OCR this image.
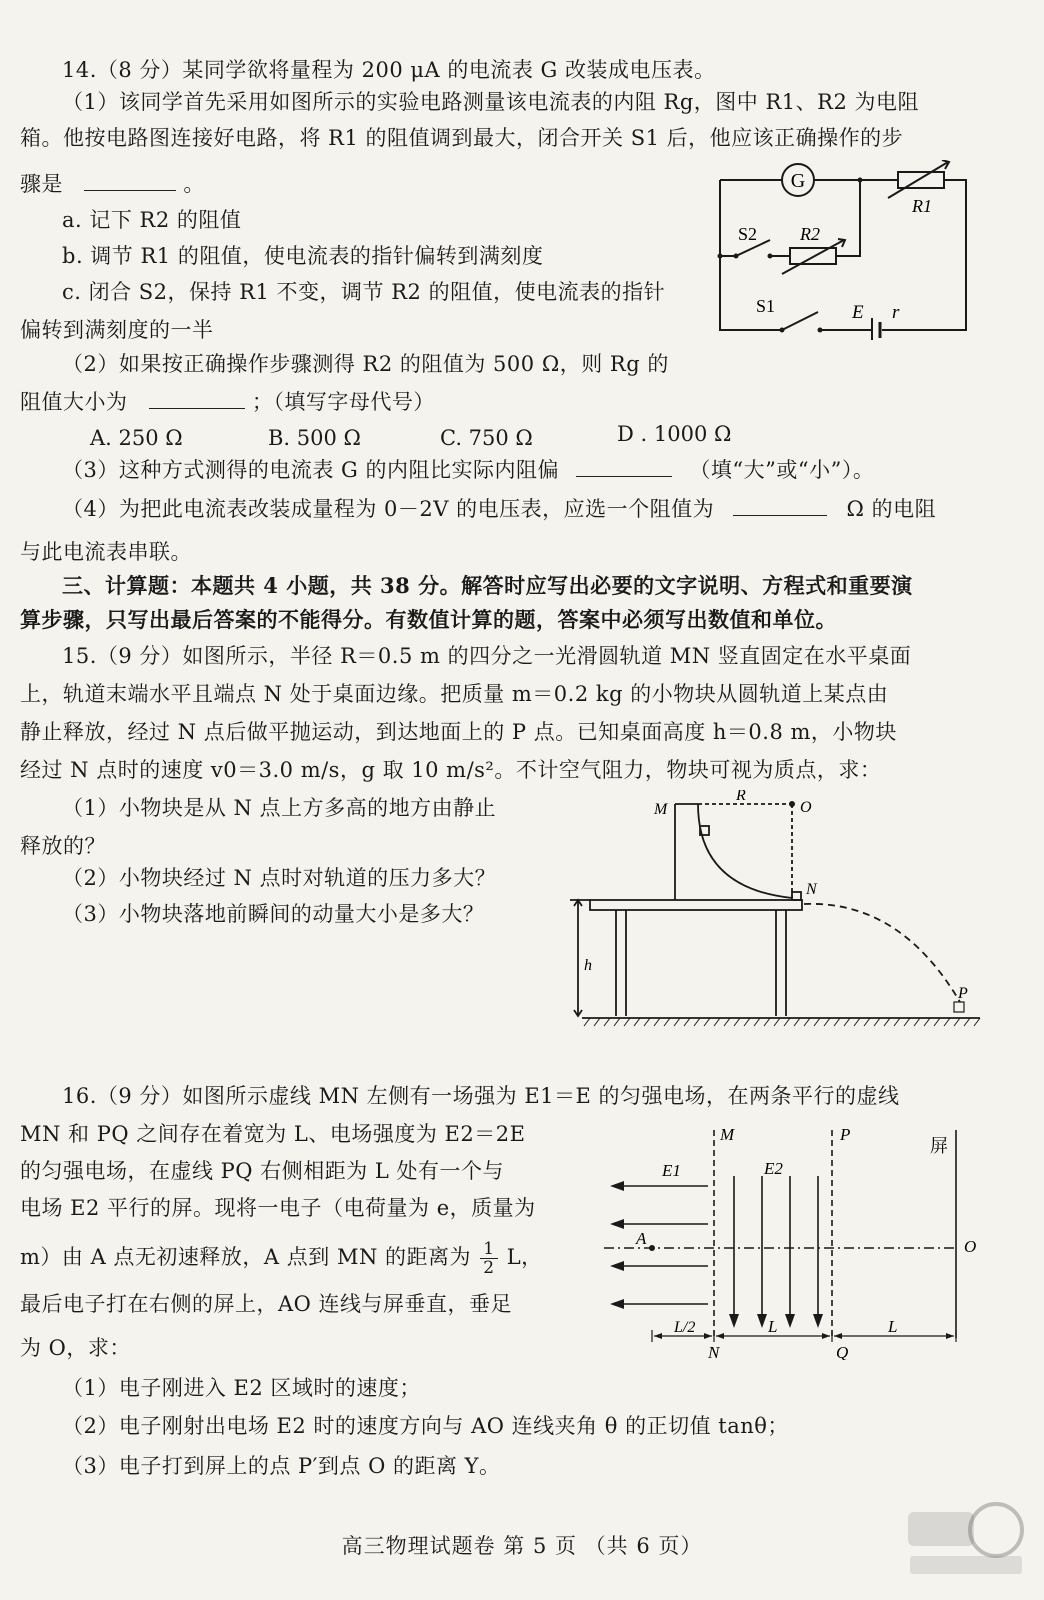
14.（8 分）某同学欲将量程为 200 μA 的电流表 G 改装成电压表。
（1）该同学首先采用如图所示的实验电路测量该电流表的内阻 Rg，图中 R1、R2 为电阻
箱。他按电路图连接好电路，将 R1 的阻值调到最大，闭合开关 S1 后，他应该正确操作的步
骤是	。
a. 记下 R2 的阻值
b. 调节 R1 的阻值，使电流表的指针偏转到满刻度
c. 闭合 S2，保持 R1 不变，调节 R2 的阻值，使电流表的指针
偏转到满刻度的一半
（2）如果按正确操作步骤测得 R2 的阻值为 500 Ω，则 Rg 的
阻值大小为	；（填写字母代号）
A. 250 Ω	B. 500 Ω	C. 750 Ω	D . 1000 Ω
（3）这种方式测得的电流表 G 的内阻比实际内阻偏	（填“大”或“小”）。
（4）为把此电流表改装成量程为 0－2V 的电压表，应选一个阻值为	Ω 的电阻
与此电流表串联。
G
R1
R2
S2
S1	E r
三、计算题：本题共 4 小题，共 38 分。解答时应写出必要的文字说明、方程式和重要演
算步骤，只写出最后答案的不能得分。有数值计算的题，答案中必须写出数值和单位。
15.（9 分）如图所示，半径 R＝0.5 m 的四分之一光滑圆轨道 MN 竖直固定在水平桌面
上，轨道末端水平且端点 N 处于桌面边缘。把质量 m＝0.2 kg 的小物块从圆轨道上某点由
静止释放，经过 N 点后做平抛运动，到达地面上的 P 点。已知桌面高度 h＝0.8 m，小物块
经过 N 点时的速度 v0＝3.0 m/s，g 取 10 m/s²。不计空气阻力，物块可视为质点，求：
（1）小物块是从 N 点上方多高的地方由静止
释放的？
（2）小物块经过 N 点时对轨道的压力多大？
（3）小物块落地前瞬间的动量大小是多大？
M
R
O
N
h
P
16.（9 分）如图所示虚线 MN 左侧有一场强为 E1＝E 的匀强电场，在两条平行的虚线
MN 和 PQ 之间存在着宽为 L、电场强度为 E2＝2E
的匀强电场，在虚线 PQ 右侧相距为 L 处有一个与
电场 E2 平行的屏。现将一电子（电荷量为 e，质量为
m）由 A 点无初速释放，A 点到 MN 的距离为 $\frac{1}{2}$ L，
最后电子打在右侧的屏上，AO 连线与屏垂直，垂足
为 O，求：
（1）电子刚进入 E2 区域时的速度；
（2）电子刚射出电场 E2 时的速度方向与 AO 连线夹角 θ 的正切值 tanθ；
（3）电子打到屏上的点 P′到点 O 的距离 Y。
M	P
屏
E1	E2
A	O
N	Q
L/2	L	L
高三物理试题卷 第 5 页 （共 6 页）
